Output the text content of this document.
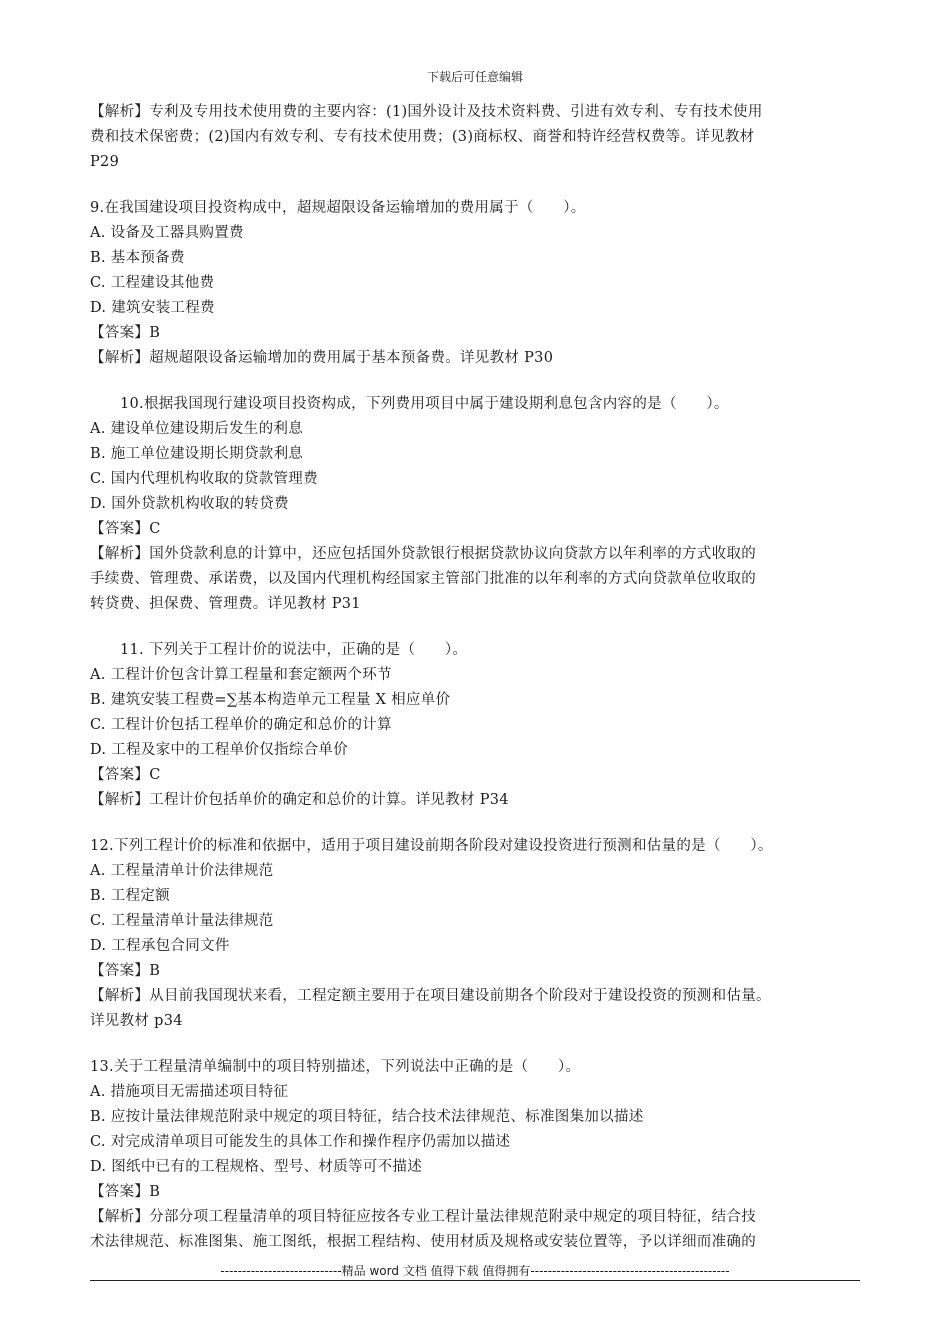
下载后可任意编辑
【解析】专利及专用技术使用费的主要内容：(1)国外设计及技术资料费、引进有效专利、专有技术使用
费和技术保密费；(2)国内有效专利、专有技术使用费；(3)商标权、商誉和特许经营权费等。详见教材
P29
9.在我国建设项目投资构成中，超规超限设备运输增加的费用属于（　　）。
A. 设备及工器具购置费
B. 基本预备费
C. 工程建设其他费
D. 建筑安装工程费
【答案】B
【解析】超规超限设备运输增加的费用属于基本预备费。详见教材 P30
10.根据我国现行建设项目投资构成，下列费用项目中属于建设期利息包含内容的是（　　）。
A. 建设单位建设期后发生的利息
B. 施工单位建设期长期贷款利息
C. 国内代理机构收取的贷款管理费
D. 国外贷款机构收取的转贷费
【答案】C
【解析】国外贷款利息的计算中，还应包括国外贷款银行根据贷款协议向贷款方以年利率的方式收取的
手续费、管理费、承诺费，以及国内代理机构经国家主管部门批准的以年利率的方式向贷款单位收取的
转贷费、担保费、管理费。详见教材 P31
11. 下列关于工程计价的说法中，正确的是（　　）。
A. 工程计价包含计算工程量和套定额两个环节
B. 建筑安装工程费=∑基本构造单元工程量 X 相应单价
C. 工程计价包括工程单价的确定和总价的计算
D. 工程及家中的工程单价仅指综合单价
【答案】C
【解析】工程计价包括单价的确定和总价的计算。详见教材 P34
12.下列工程计价的标准和依据中，适用于项目建设前期各阶段对建设投资进行预测和估量的是（　　）。
A. 工程量清单计价法律规范
B. 工程定额
C. 工程量清单计量法律规范
D. 工程承包合同文件
【答案】B
【解析】从目前我国现状来看，工程定额主要用于在项目建设前期各个阶段对于建设投资的预测和估量。
详见教材 p34
13.关于工程量清单编制中的项目特别描述，下列说法中正确的是（　　）。
A. 措施项目无需描述项目特征
B. 应按计量法律规范附录中规定的项目特征，结合技术法律规范、标准图集加以描述
C. 对完成清单项目可能发生的具体工作和操作程序仍需加以描述
D. 图纸中已有的工程规格、型号、材质等可不描述
【答案】B
【解析】分部分项工程量清单的项目特征应按各专业工程计量法律规范附录中规定的项目特征，结合技
术法律规范、标准图集、施工图纸，根据工程结构、使用材质及规格或安装位置等，予以详细而准确的
----------------------------精品 word 文档 值得下载 值得拥有----------------------------------------------
